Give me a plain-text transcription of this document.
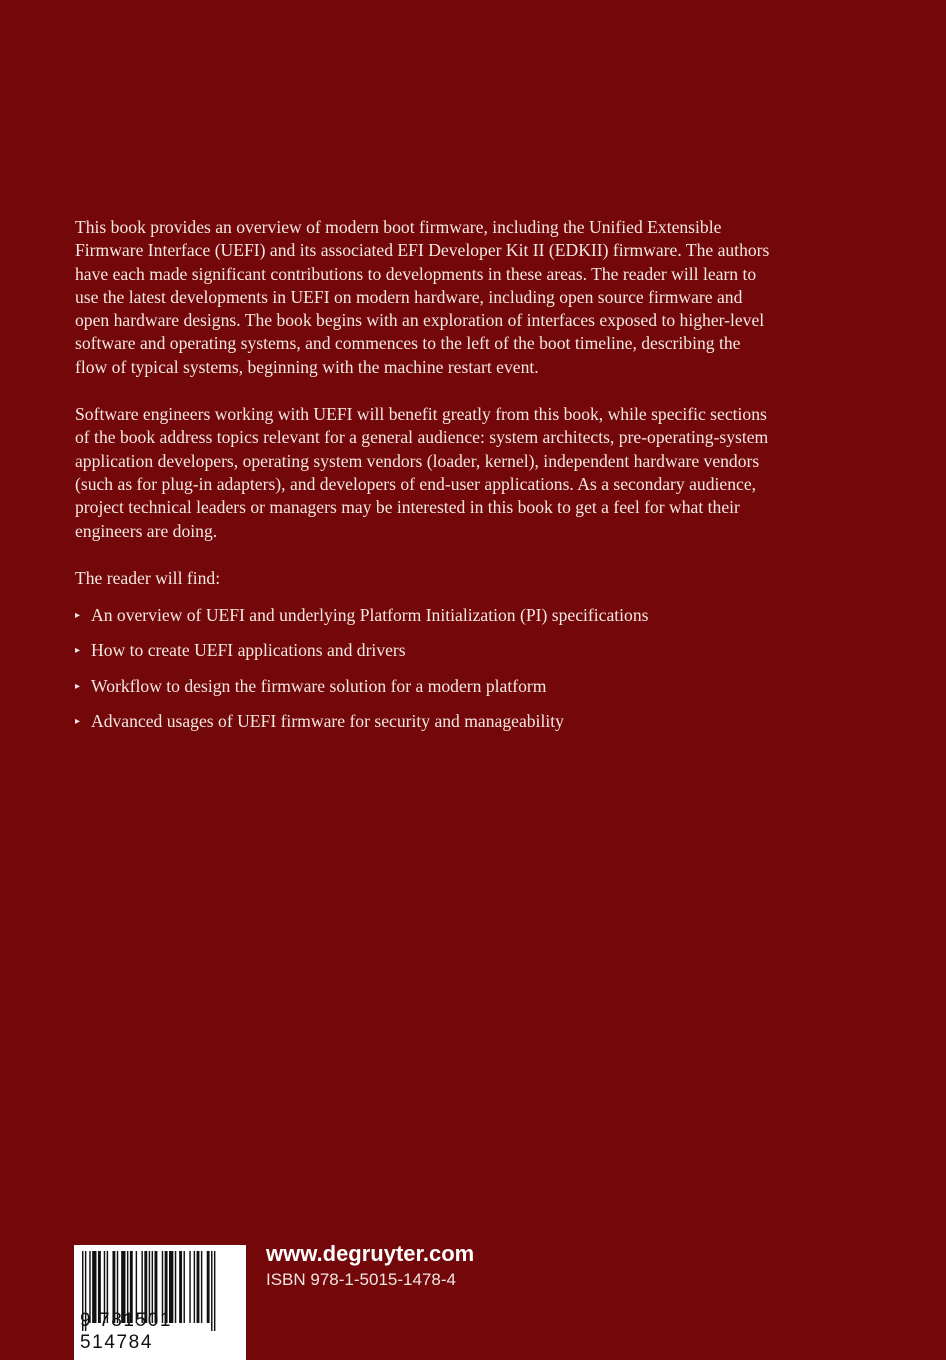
This book provides an overview of modern boot firmware, including the Unified Extensible Firmware Interface (UEFI) and its associated EFI Developer Kit II (EDKII) firmware. The authors have each made significant contributions to developments in these areas. The reader will learn to use the latest developments in UEFI on modern hardware, including open source firmware and open hardware designs. The book begins with an exploration of interfaces exposed to higher-level software and operating systems, and commences to the left of the boot timeline, describing the flow of typical systems, beginning with the machine restart event.

Software engineers working with UEFI will benefit greatly from this book, while specific sections of the book address topics relevant for a general audience: system architects, pre-operating-system application developers, operating system vendors (loader, kernel), independent hardware vendors (such as for plug-in adapters), and developers of end-user applications. As a secondary audience, project technical leaders or managers may be interested in this book to get a feel for what their engineers are doing.

The reader will find:

▸ An overview of UEFI and underlying Platform Initialization (PI) specifications
▸ How to create UEFI applications and drivers
▸ Workflow to design the firmware solution for a modern platform
▸ Advanced usages of UEFI firmware for security and manageability
9 781501 514784
www.degruyter.com
ISBN 978-1-5015-1478-4
